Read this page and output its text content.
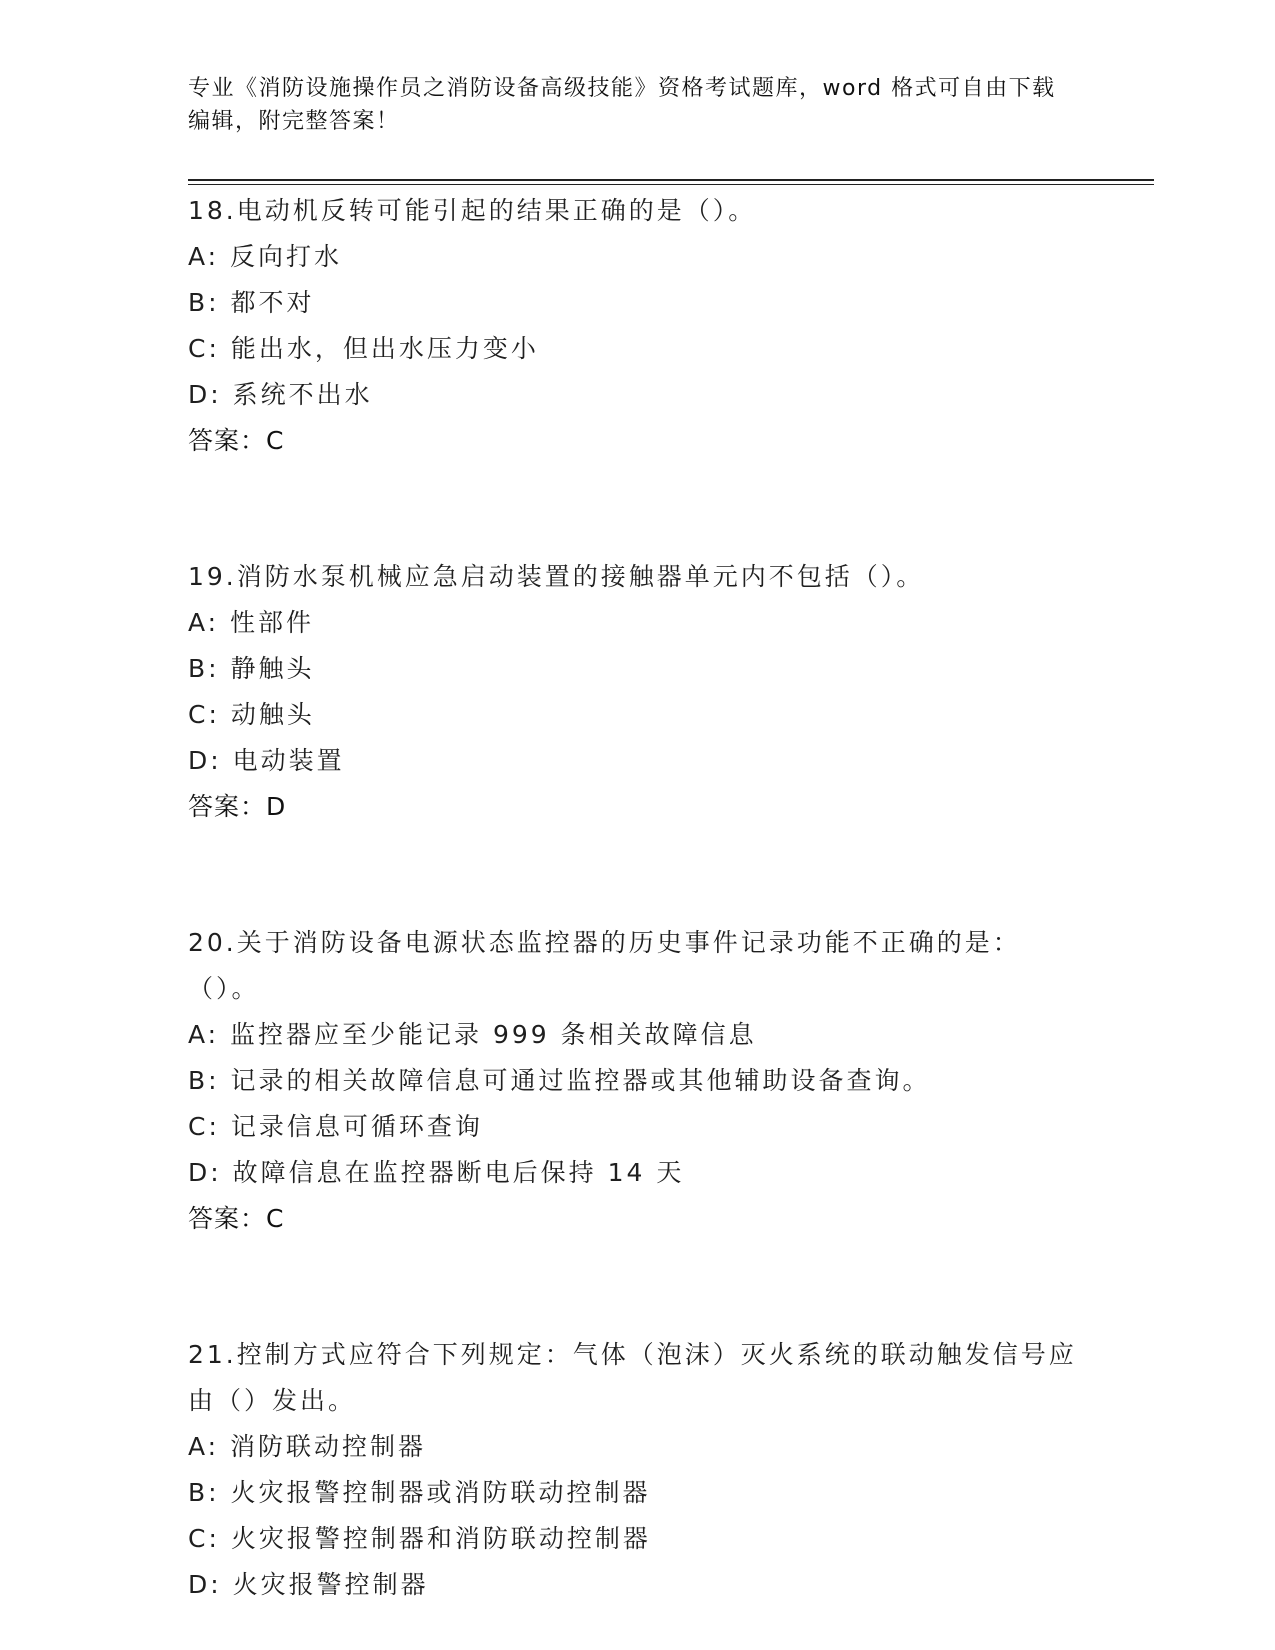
专业《消防设施操作员之消防设备高级技能》资格考试题库，word 格式可自由下载编辑，附完整答案！

18.电动机反转可能引起的结果正确的是（）。

A: 反向打水

B: 都不对

C: 能出水，但出水压力变小

D: 系统不出水

答案：C

19.消防水泵机械应急启动装置的接触器单元内不包括（）。

A: 性部件

B: 静触头

C: 动触头

D: 电动装置

答案：D

20.关于消防设备电源状态监控器的历史事件记录功能不正确的是：（）。

A: 监控器应至少能记录 999 条相关故障信息

B: 记录的相关故障信息可通过监控器或其他辅助设备查询。

C: 记录信息可循环查询

D: 故障信息在监控器断电后保持 14 天

答案：C

21.控制方式应符合下列规定：气体（泡沫）灭火系统的联动触发信号应由（）发出。

A: 消防联动控制器

B: 火灾报警控制器或消防联动控制器

C: 火灾报警控制器和消防联动控制器

D: 火灾报警控制器
